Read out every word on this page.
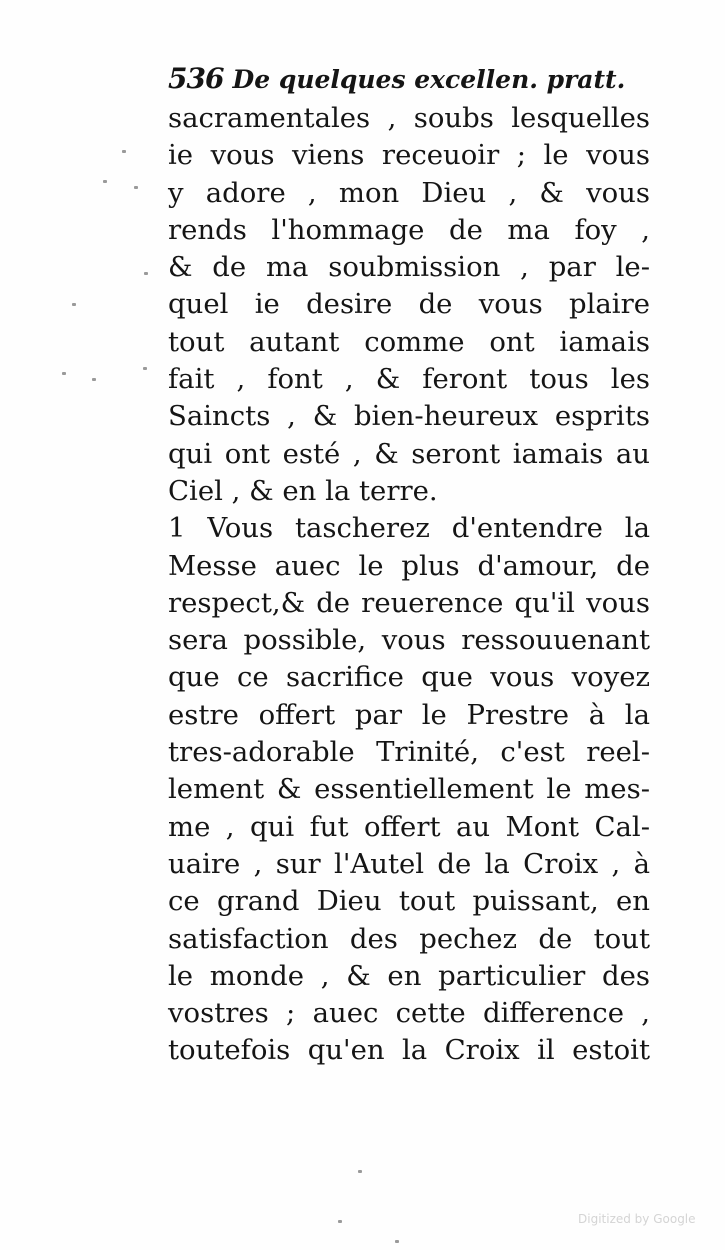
536 De quelques excellen. pratt.
sacramentales , soubs lesquelles
ie vous viens receuoir ; le vous
y adore , mon Dieu , & vous
rends l'hommage de ma foy ,
& de ma soubmission , par le-
quel ie desire de vous plaire
tout autant comme ont iamais
fait , font , & feront tous les
Saincts , & bien-heureux esprits
qui ont esté , & seront iamais au
Ciel , & en la terre.
1 Vous tascherez d'entendre la
Messe auec le plus d'amour, de
respect,& de reuerence qu'il vous
sera possible, vous ressouuenant
que ce sacrifice que vous voyez
estre offert par le Prestre à la
tres-adorable Trinité, c'est reel-
lement & essentiellement le mes-
me , qui fut offert au Mont Cal-
uaire , sur l'Autel de la Croix , à
ce grand Dieu tout puissant, en
satisfaction des pechez de tout
le monde , & en particulier des
vostres ; auec cette difference ,
toutefois qu'en la Croix il estoit
Digitized by Google
